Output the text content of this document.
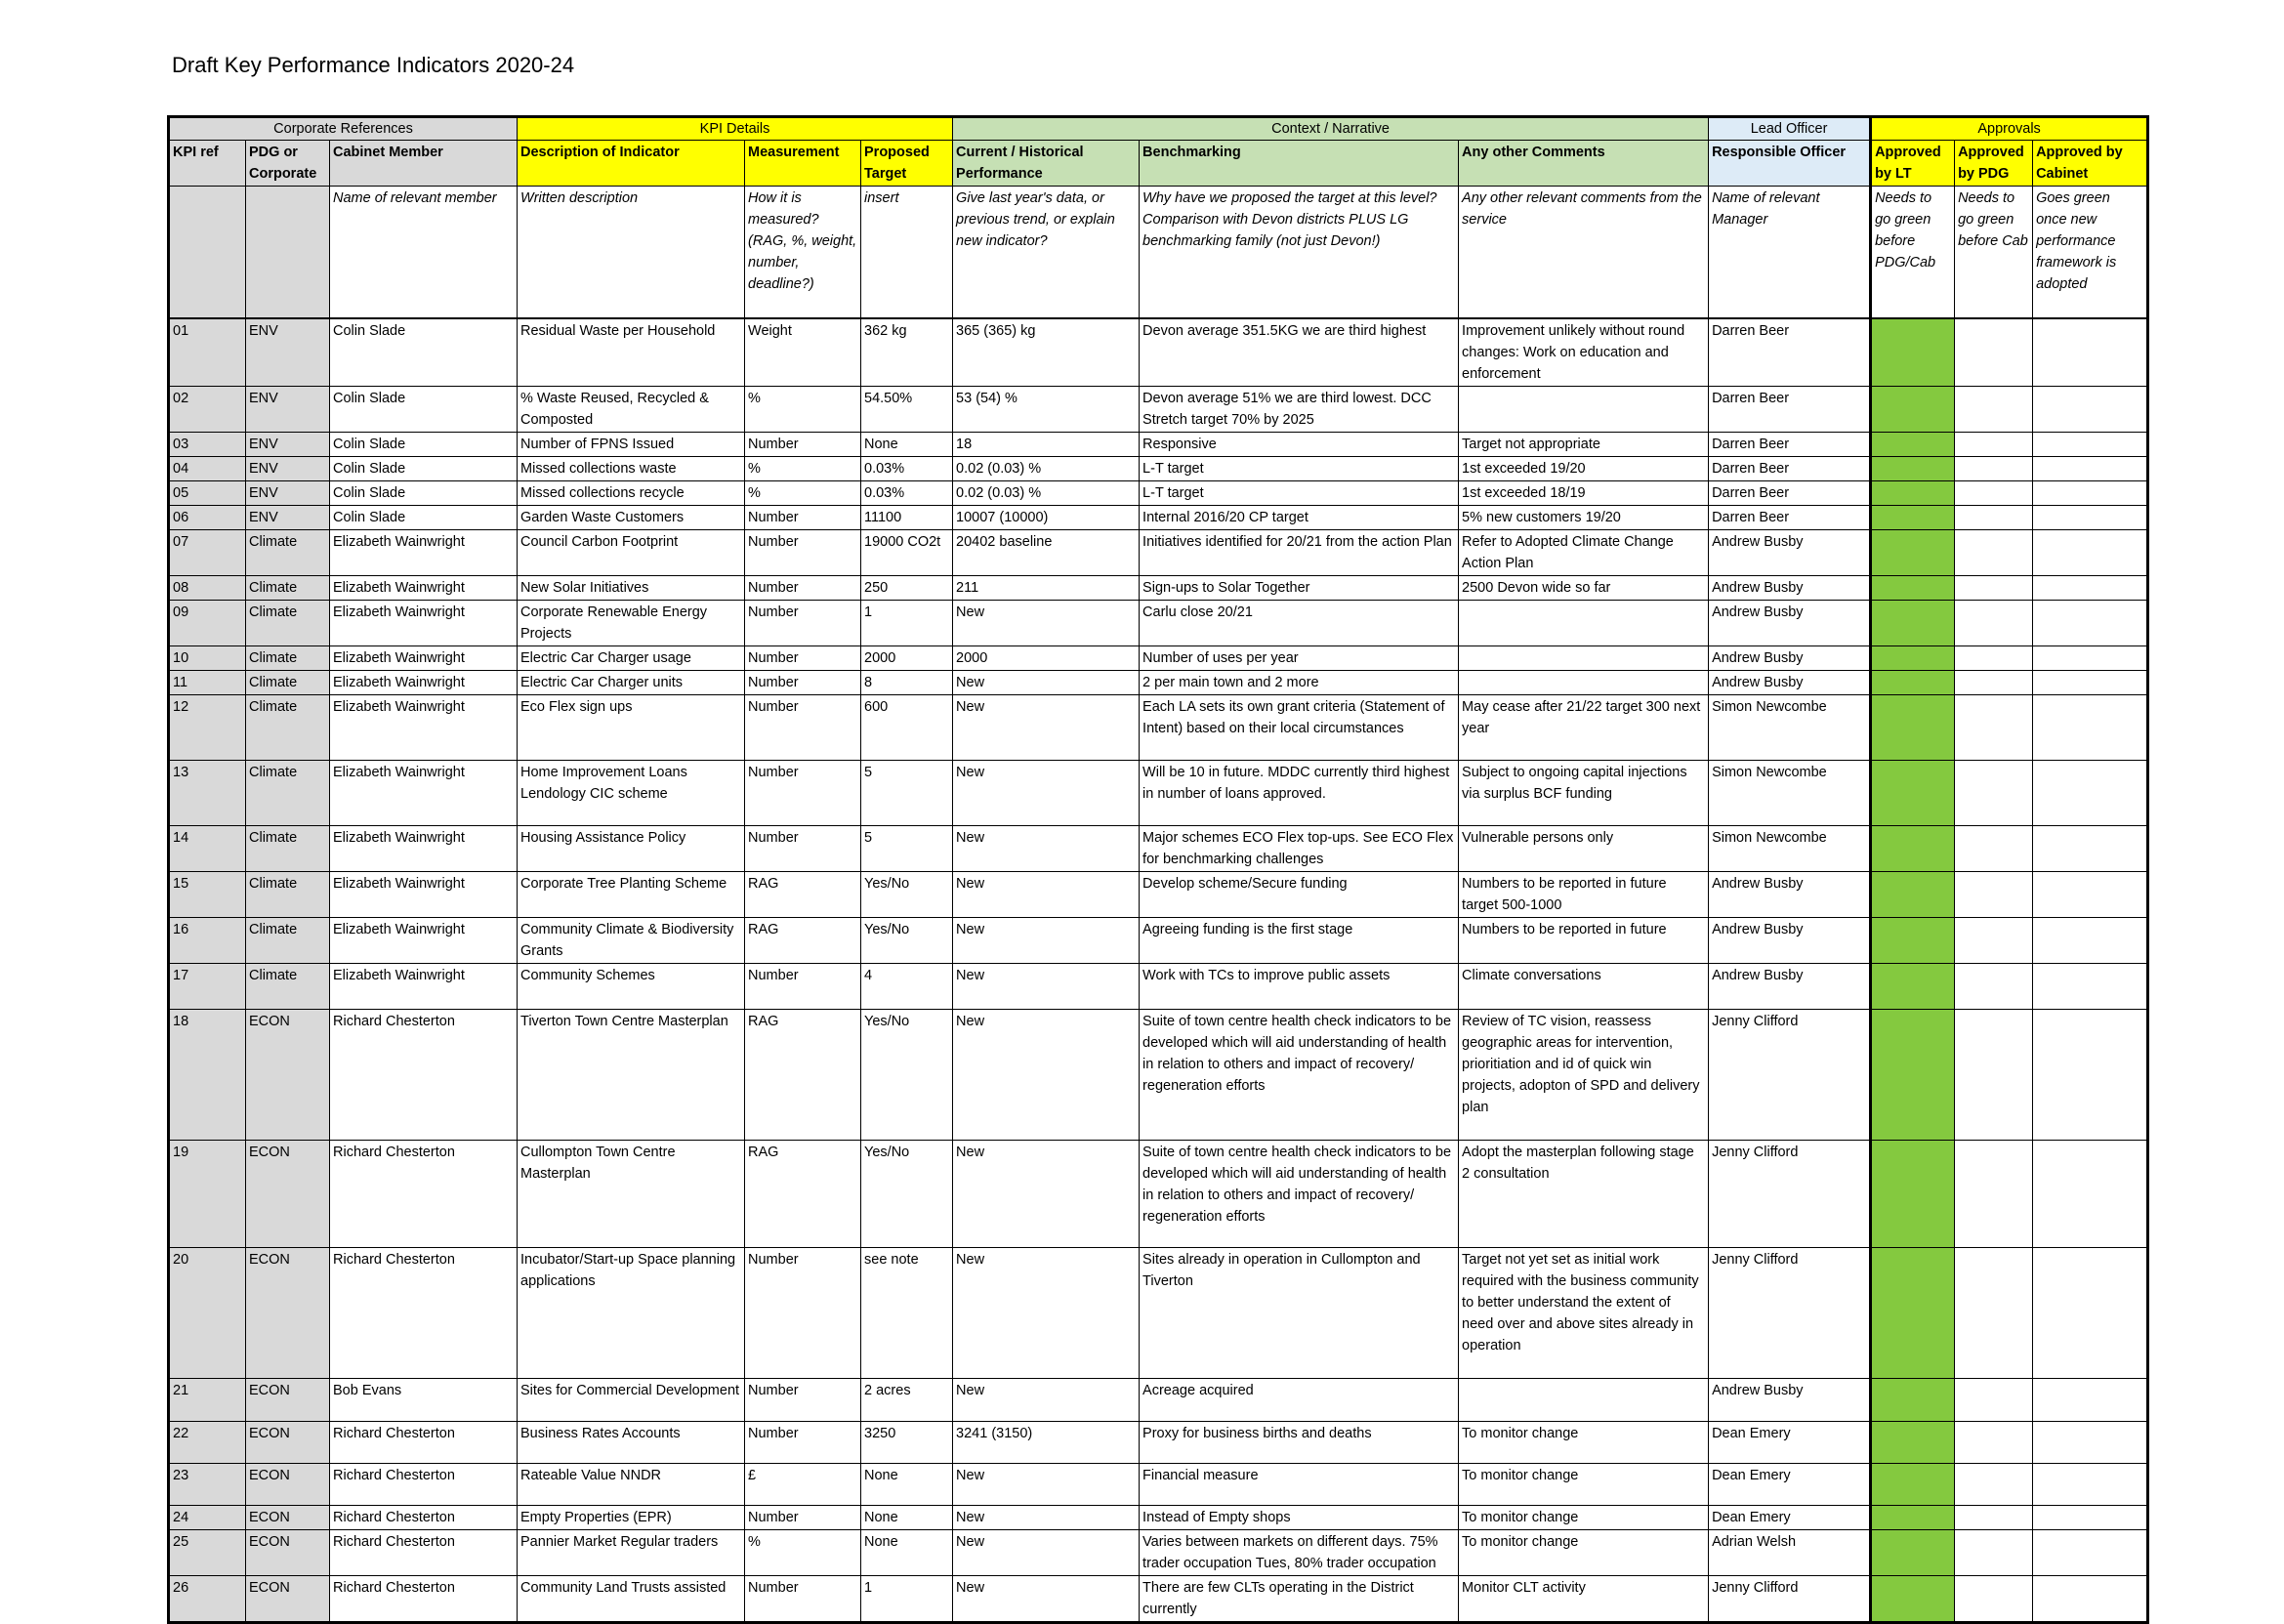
Draft Key Performance Indicators 2020-24
Corporate References			KPI Details			Context / Narrative			Lead Officer	Approvals		
KPI ref	PDG or Corporate	Cabinet Member	Description of Indicator	Measurement	Proposed Target	Current / Historical Performance	Benchmarking	Any other Comments	Responsible Officer	Approved by LT	Approved by PDG	Approved by Cabinet
		Name of relevant member	Written description	How it is measured? (RAG, %, weight, number, deadline?)	insert	Give last year's data, or previous trend, or explain new indicator?	Why have we proposed the target at this level? Comparison with Devon districts PLUS LG benchmarking family (not just Devon!)	Any other relevant comments from the service	Name of relevant Manager	Needs to go green before PDG/Cab	Needs to go green before Cab	Goes green once new performance framework is adopted
01	ENV	Colin Slade	Residual Waste per Household	Weight	362 kg	365 (365) kg	Devon average 351.5KG we are third highest	Improvement unlikely without round changes: Work on education and enforcement	Darren Beer			
02	ENV	Colin Slade	% Waste Reused, Recycled & Composted	%	54.50%	53 (54) %	Devon average 51% we are third lowest. DCC Stretch target 70% by 2025		Darren Beer			
03	ENV	Colin Slade	Number of FPNS Issued	Number	None	18	Responsive	Target not appropriate	Darren Beer			
04	ENV	Colin Slade	Missed collections waste	%	0.03%	0.02 (0.03) %	L-T target	1st exceeded 19/20	Darren Beer			
05	ENV	Colin Slade	Missed collections recycle	%	0.03%	0.02 (0.03) %	L-T target	1st exceeded 18/19	Darren Beer			
06	ENV	Colin Slade	Garden Waste Customers	Number	11100	10007 (10000)	Internal 2016/20 CP target	5% new customers 19/20	Darren Beer			
07	Climate	Elizabeth Wainwright	Council Carbon Footprint	Number	19000 CO2t	20402 baseline	Initiatives identified for 20/21 from the action Plan	Refer to Adopted Climate Change Action Plan	Andrew Busby			
08	Climate	Elizabeth Wainwright	New Solar Initiatives	Number	250	211	Sign-ups to Solar Together	2500 Devon wide so far	Andrew Busby			
09	Climate	Elizabeth Wainwright	Corporate Renewable Energy Projects	Number	1	New	Carlu close 20/21		Andrew Busby			
10	Climate	Elizabeth Wainwright	Electric Car Charger usage	Number	2000	2000	Number of uses per year		Andrew Busby			
11	Climate	Elizabeth Wainwright	Electric Car Charger units	Number	8	New	2 per main town and 2 more		Andrew Busby			
12	Climate	Elizabeth Wainwright	Eco Flex sign ups	Number	600	New	Each LA sets its own grant criteria (Statement of Intent) based on their local circumstances	May cease after 21/22 target 300 next year	Simon Newcombe			
13	Climate	Elizabeth Wainwright	Home Improvement Loans Lendology CIC scheme	Number	5	New	Will be 10 in future. MDDC currently third highest in number of loans approved.	Subject to ongoing capital injections via surplus BCF funding	Simon Newcombe			
14	Climate	Elizabeth Wainwright	Housing Assistance Policy	Number	5	New	Major schemes ECO Flex top-ups. See ECO Flex for benchmarking challenges	Vulnerable persons only	Simon Newcombe			
15	Climate	Elizabeth Wainwright	Corporate Tree Planting Scheme	RAG	Yes/No	New	Develop scheme/Secure funding	Numbers to be reported in future target 500-1000	Andrew Busby			
16	Climate	Elizabeth Wainwright	Community Climate & Biodiversity Grants	RAG	Yes/No	New	Agreeing funding is the first stage	Numbers to be reported in future	Andrew Busby			
17	Climate	Elizabeth Wainwright	Community Schemes	Number	4	New	Work with TCs to improve public assets	Climate conversations	Andrew Busby			
18	ECON	Richard Chesterton	Tiverton Town Centre Masterplan	RAG	Yes/No	New	Suite of town centre health check indicators to be developed which will aid understanding of health in relation to others and impact of recovery/ regeneration efforts	Review of TC vision, reassess geographic areas for intervention, prioritiation and id of quick win projects, adopton of SPD and delivery plan	Jenny Clifford			
19	ECON	Richard Chesterton	Cullompton Town Centre Masterplan	RAG	Yes/No	New	Suite of town centre health check indicators to be developed which will aid understanding of health in relation to others and impact of recovery/ regeneration efforts	Adopt the masterplan following stage 2 consultation	Jenny Clifford			
20	ECON	Richard Chesterton	Incubator/Start-up Space planning applications	Number	see note	New	Sites already in operation in Cullompton and Tiverton	Target not yet set as initial work required with the business community to better understand the extent of need over and above sites already in operation	Jenny Clifford			
21	ECON	Bob Evans	Sites for Commercial Development	Number	2 acres	New	Acreage acquired		Andrew Busby			
22	ECON	Richard Chesterton	Business Rates Accounts	Number	3250	3241 (3150)	Proxy for business births and deaths	To monitor change	Dean Emery			
23	ECON	Richard Chesterton	Rateable Value NNDR	£	None	New	Financial measure	To monitor change	Dean Emery			
24	ECON	Richard Chesterton	Empty Properties (EPR)	Number	None	New	Instead of Empty shops	To monitor change	Dean Emery			
25	ECON	Richard Chesterton	Pannier Market Regular traders	%	None	New	Varies between markets on different days. 75% trader occupation Tues, 80% trader occupation	To monitor change	Adrian Welsh			
26	ECON	Richard Chesterton	Community Land Trusts assisted	Number	1	New	There are few CLTs operating in the District currently	Monitor CLT activity	Jenny Clifford			
